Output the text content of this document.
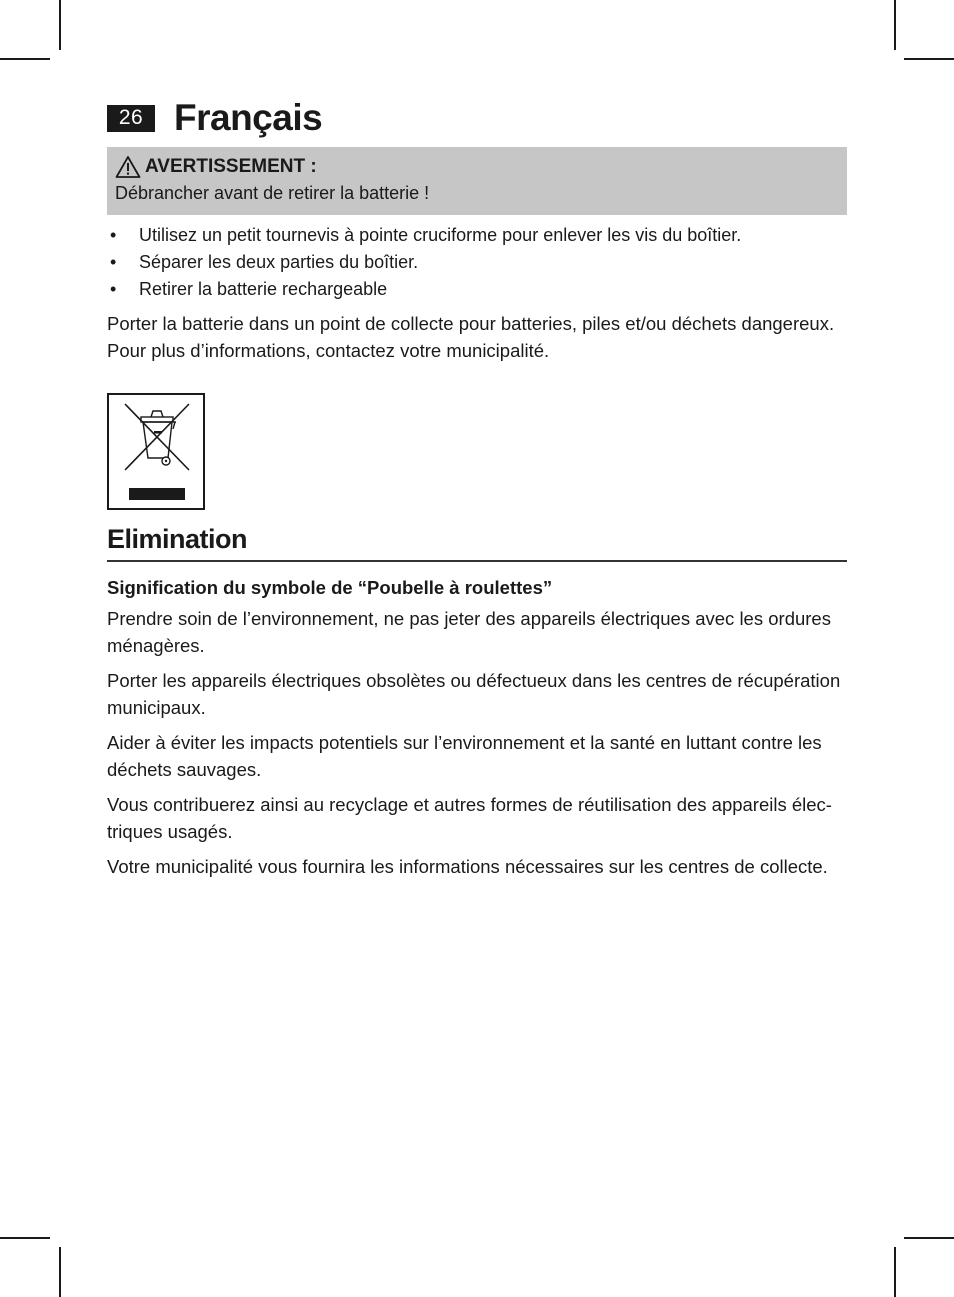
26 Français
AVERTISSEMENT :
Débrancher avant de retirer la batterie !
• Utilisez un petit tournevis à pointe cruciforme pour enlever les vis du boîtier.
• Séparer les deux parties du boîtier.
• Retirer la batterie rechargeable

Porter la batterie dans un point de collecte pour batteries, piles et/ou déchets dangereux.
Pour plus d’informations, contactez votre municipalité.

Elimination

Signification du symbole de “Poubelle à roulettes”

Prendre soin de l’environnement, ne pas jeter des appareils électriques avec les ordures
ménagères.

Porter les appareils électriques obsolètes ou défectueux dans les centres de récupération
municipaux.

Aider à éviter les impacts potentiels sur l’environnement et la santé en luttant contre les
déchets sauvages.

Vous contribuerez ainsi au recyclage et autres formes de réutilisation des appareils élec-
triques usagés.

Votre municipalité vous fournira les informations nécessaires sur les centres de collecte.
